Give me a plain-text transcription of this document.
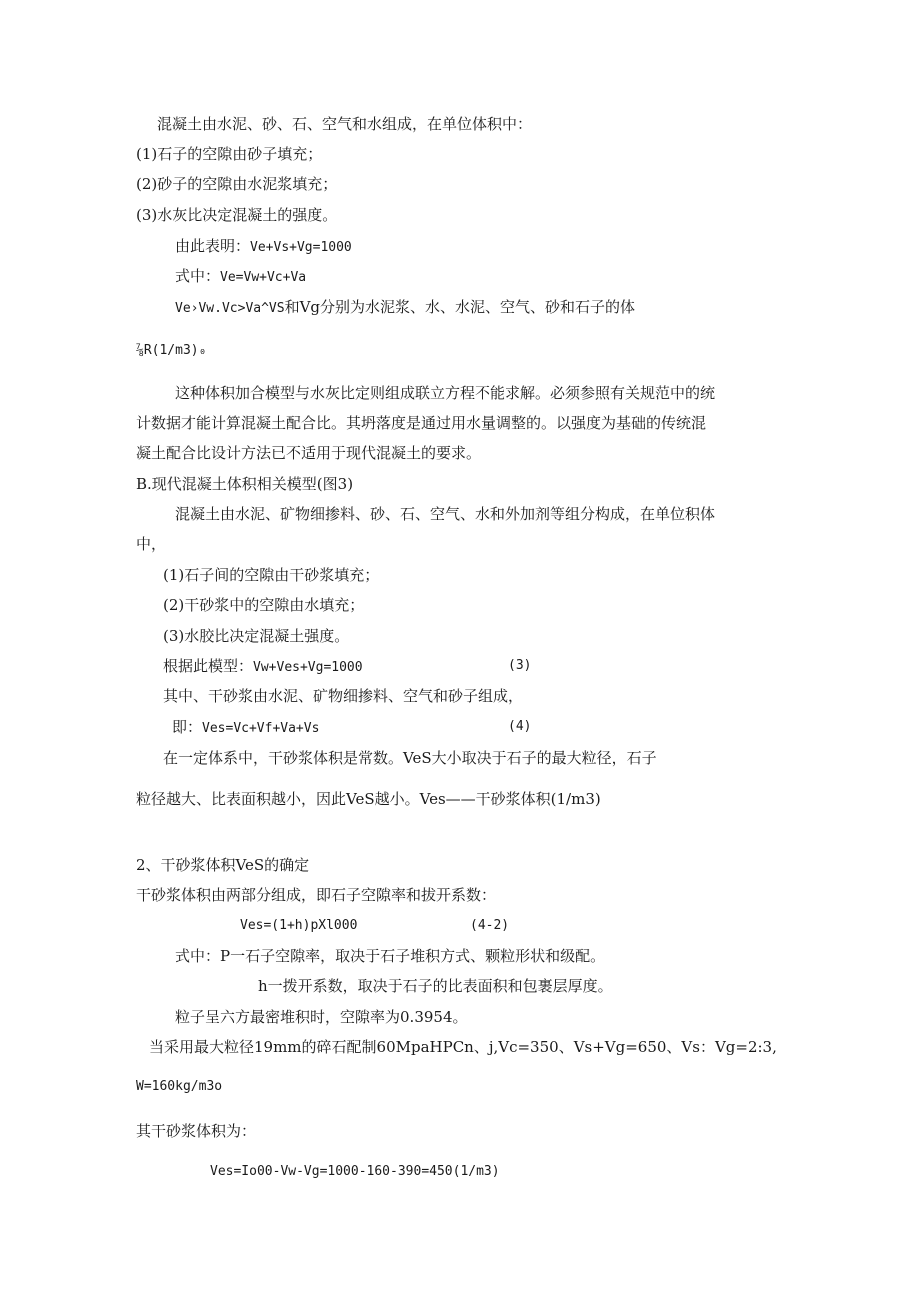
混凝土由水泥、砂、石、空气和水组成，在单位体积中：
(1)石子的空隙由砂子填充；
(2)砂子的空隙由水泥浆填充；
(3)水灰比决定混凝土的强度。
由此表明：Ve+Vs+Vg=1000
式中：Ve=Vw+Vc+Va
Ve›Vw.Vc>Va^VS和Vg分别为水泥浆、水、水泥、空气、砂和石子的体
⅞R(1/m3)₀
这种体积加合模型与水灰比定则组成联立方程不能求解。必须参照有关规范中的统
计数据才能计算混凝土配合比。其坍落度是通过用水量调整的。以强度为基础的传统混
凝土配合比设计方法已不适用于现代混凝土的要求。
B.现代混凝土体积相关模型(图3)
混凝土由水泥、矿物细掺料、砂、石、空气、水和外加剂等组分构成，在单位积体
中，
(1)石子间的空隙由干砂浆填充；
(2)干砂浆中的空隙由水填充；
(3)水胶比决定混凝土强度。
根据此模型：Vw+Ves+Vg=1000	(3)
其中、干砂浆由水泥、矿物细掺料、空气和砂子组成，
即：Ves=Vc+Vf+Va+Vs	(4)
在一定体系中，干砂浆体积是常数。VeS大小取决于石子的最大粒径，石子
粒径越大、比表面积越小，因此VeS越小。Ves——干砂浆体积(1/m3)
2、干砂浆体积VeS的确定
干砂浆体积由两部分组成，即石子空隙率和拔开系数：
Ves=(1+h)pXl000	(4-2)
式中：P一石子空隙率，取决于石子堆积方式、颗粒形状和级配。
h一拨开系数，取决于石子的比表面积和包裹层厚度。
粒子呈六方最密堆积时，空隙率为0.3954。
当采用最大粒径19mm的碎石配制60MpaHPCn、j,Vc=350、Vs+Vg=650、Vs：Vg=2:3,
W=160kg/m3o
其干砂浆体积为：
Ves=Io00-Vw-Vg=1000-160-390=450(1/m3)
